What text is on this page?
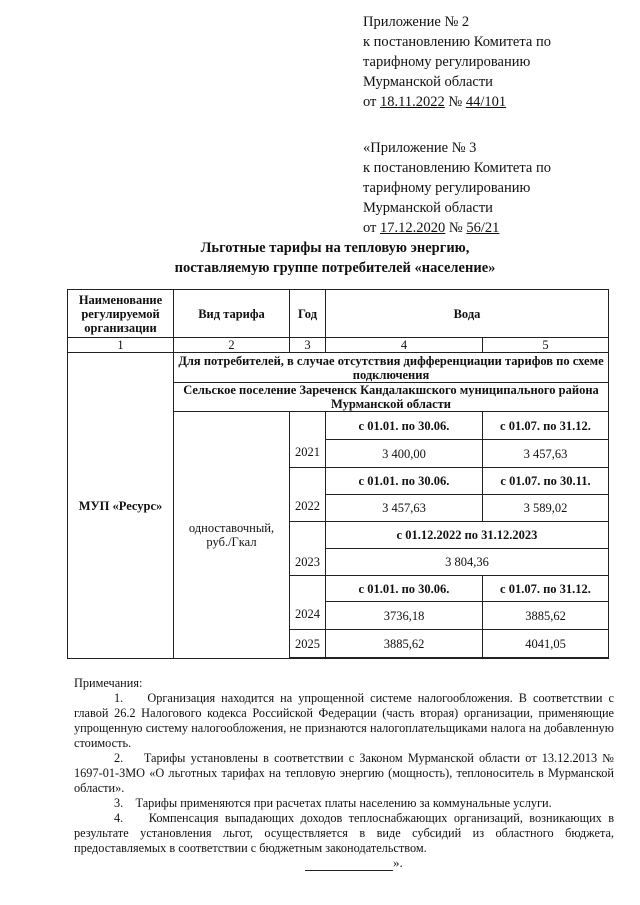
Приложение № 2
к постановлению Комитета по
тарифному регулированию
Мурманской области
от 18.11.2022 № 44/101
«Приложение № 3
к постановлению Комитета по
тарифному регулированию
Мурманской области
от 17.12.2020 № 56/21
Льготные тарифы на тепловую энергию,
поставляемую группе потребителей «население»
Наименование регулируемой организации	Вид тарифа	Год	Вода	
1	2	3	4	5
МУП «Ресурс»	Для потребителей, в случае отсутствия дифференциации тарифов по схеме подключения			
	Сельское поселение Зареченск Кандалакшского муниципального района Мурманской области			
	одноставочный, руб./Гкал	2021	с 01.01. по 30.06.	с 01.07. по 31.12.
			3 400,00	3 457,63
		2022	с 01.01. по 30.06.	с 01.07. по 30.11.
			3 457,63	3 589,02
		2023	с 01.12.2022 по 31.12.2023	
			3 804,36	
		2024	с 01.01. по 30.06.	с 01.07. по 31.12.
			3736,18	3885,62
		2025	3885,62	4041,05

Примечания:

1.    Организация находится на упрощенной системе налогообложения. В соответствии с главой 26.2 Налогового кодекса Российской Федерации (часть вторая) организации, применяющие упрощенную систему налогообложения, не признаются налогоплательщиками налога на добавленную стоимость.

2.    Тарифы установлены в соответствии с Законом Мурманской области от 13.12.2013 № 1697-01-ЗМО «О льготных тарифах на тепловую энергию (мощность), теплоноситель в Мурманской области».

3.    Тарифы применяются при расчетах платы населению за коммунальные услуги.

4.    Компенсация выпадающих доходов теплоснабжающих организаций, возникающих в результате установления льгот, осуществляется в виде субсидий из областного бюджета, предоставляемых в соответствии с бюджетным законодательством.

».
